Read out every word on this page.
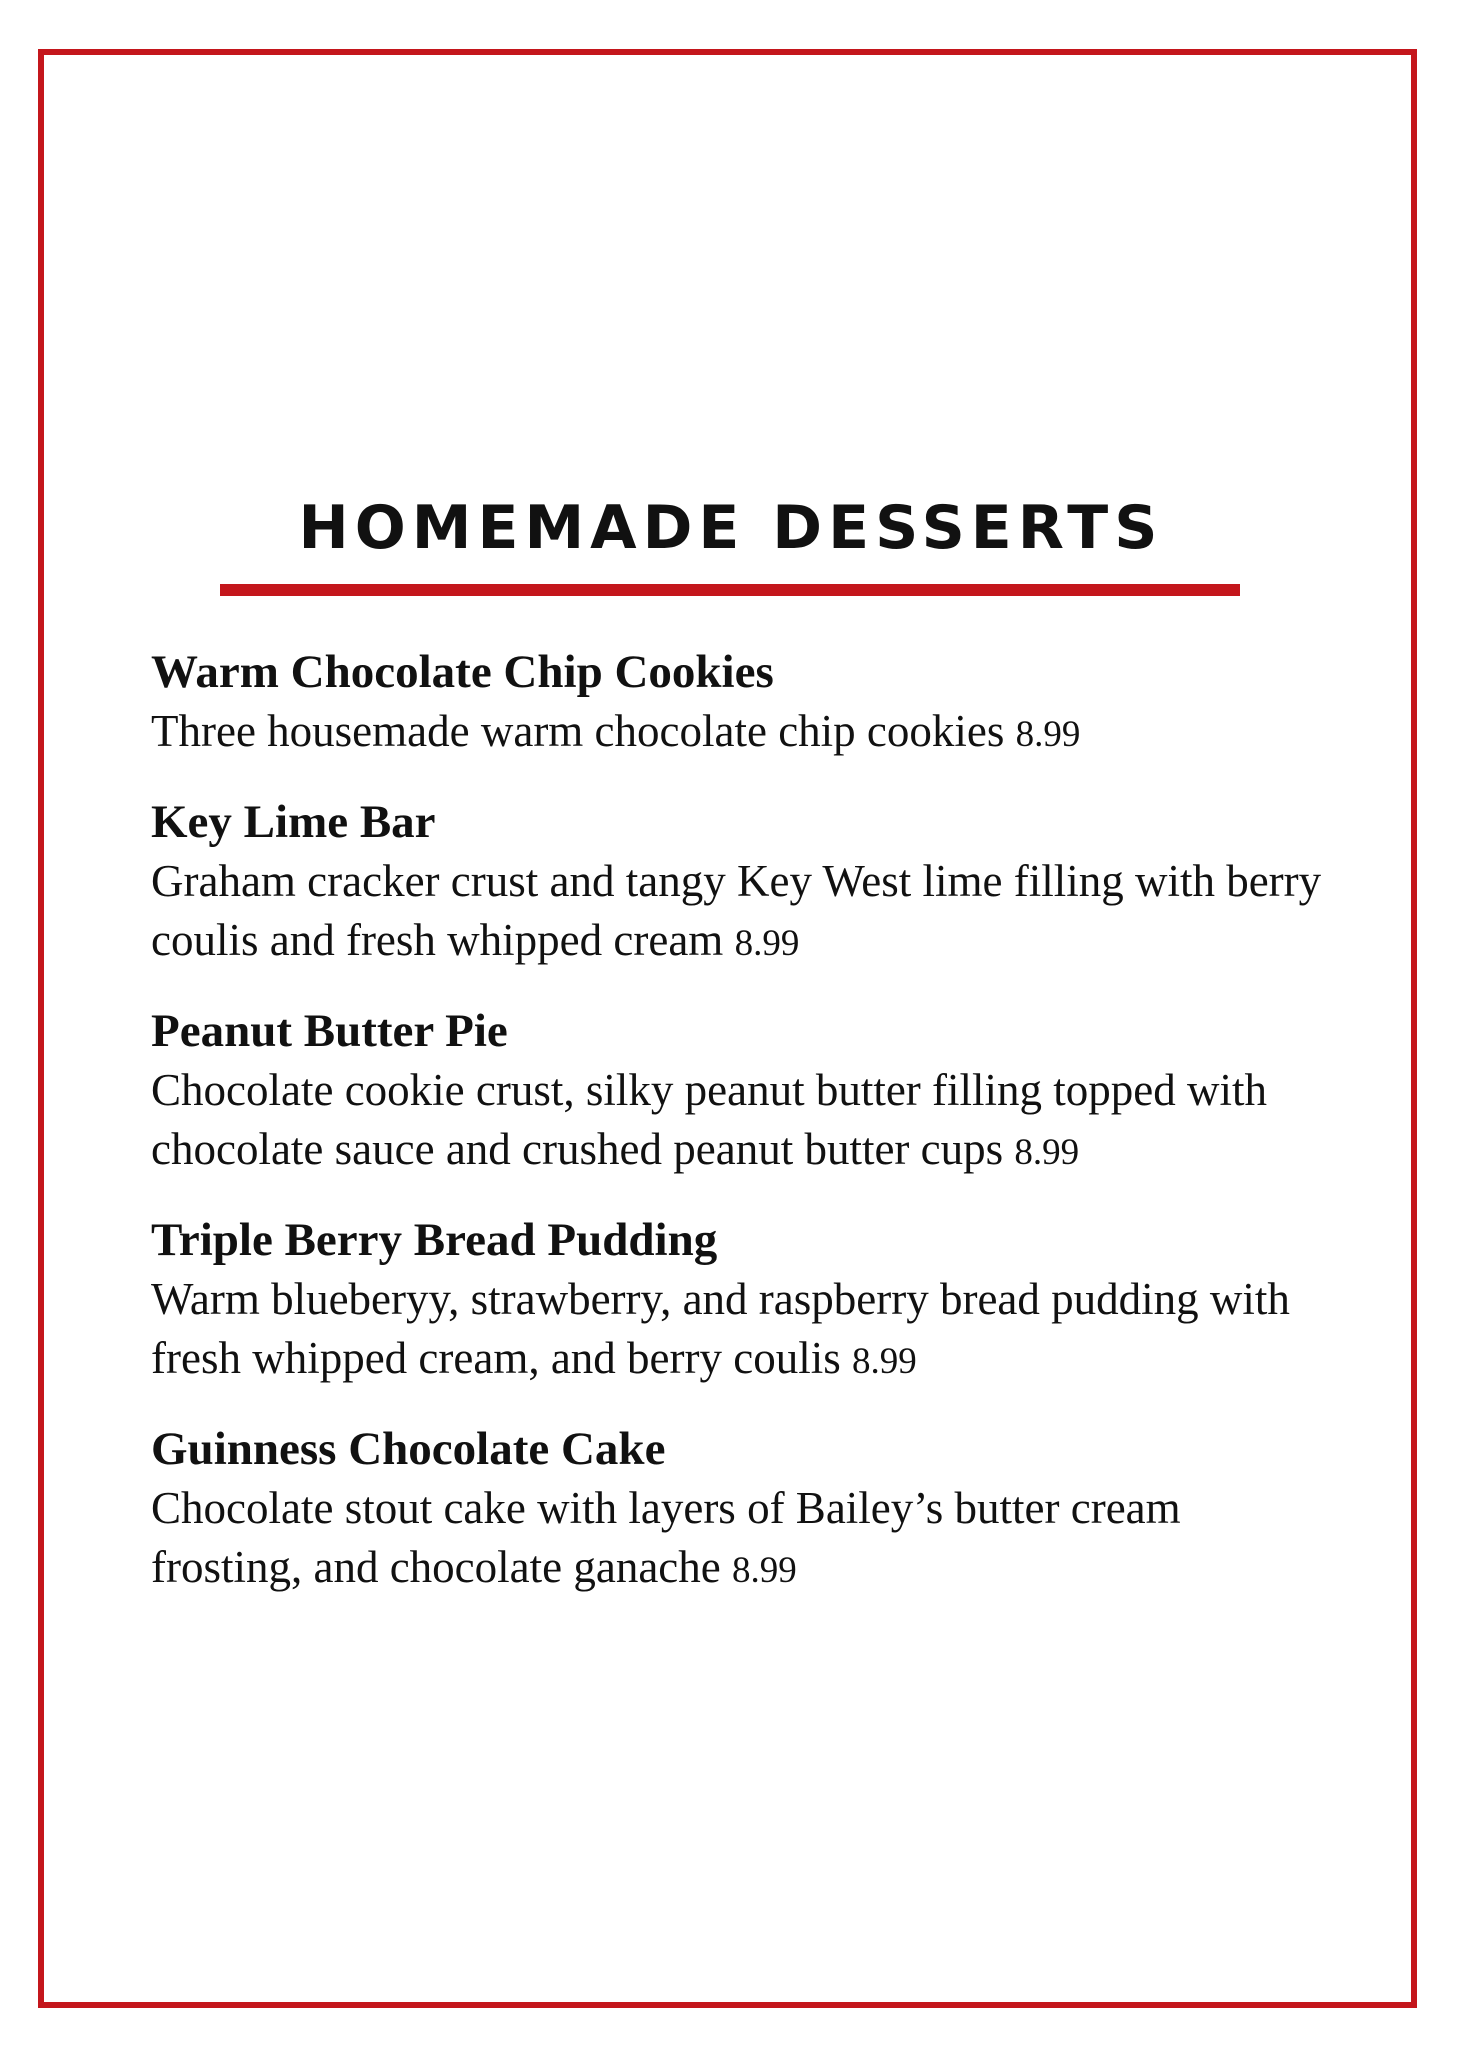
HOMEMADE DESSERTS
Warm Chocolate Chip Cookies
Three housemade warm chocolate chip cookies 8.99
Key Lime Bar
Graham cracker crust and tangy Key West lime filling with berry coulis and fresh whipped cream 8.99
Peanut Butter Pie
Chocolate cookie crust, silky peanut butter filling topped with chocolate sauce and crushed peanut butter cups 8.99
Triple Berry Bread Pudding
Warm blueberyy, strawberry, and raspberry bread pudding with fresh whipped cream, and berry coulis 8.99
Guinness Chocolate Cake
Chocolate stout cake with layers of Bailey’s butter cream frosting, and chocolate ganache 8.99
